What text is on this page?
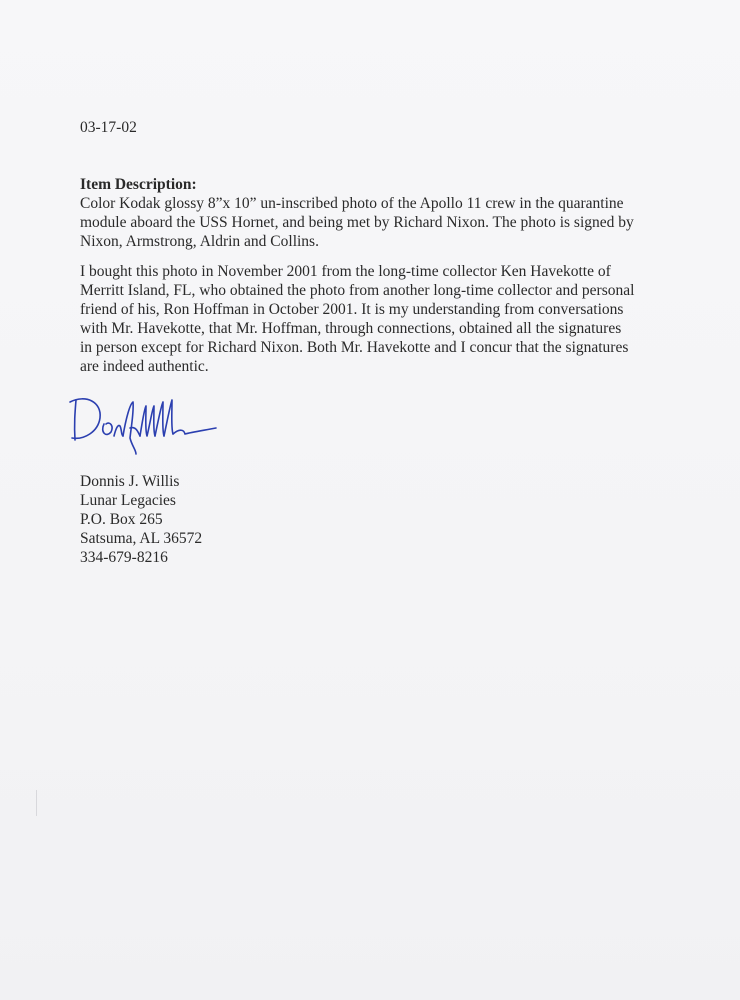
03-17-02
Item Description:
Color Kodak glossy 8”x 10” un-inscribed photo of the Apollo 11 crew in the quarantine
module aboard the USS Hornet, and being met by Richard Nixon. The photo is signed by
Nixon, Armstrong, Aldrin and Collins.
I bought this photo in November 2001 from the long-time collector Ken Havekotte of
Merritt Island, FL, who obtained the photo from another long-time collector and personal
friend of his, Ron Hoffman in October 2001. It is my understanding from conversations
with Mr. Havekotte, that Mr. Hoffman, through connections, obtained all the signatures
in person except for Richard Nixon. Both Mr. Havekotte and I concur that the signatures
are indeed authentic.
Donnis J. Willis
Lunar Legacies
P.O. Box 265
Satsuma, AL 36572
334-679-8216
